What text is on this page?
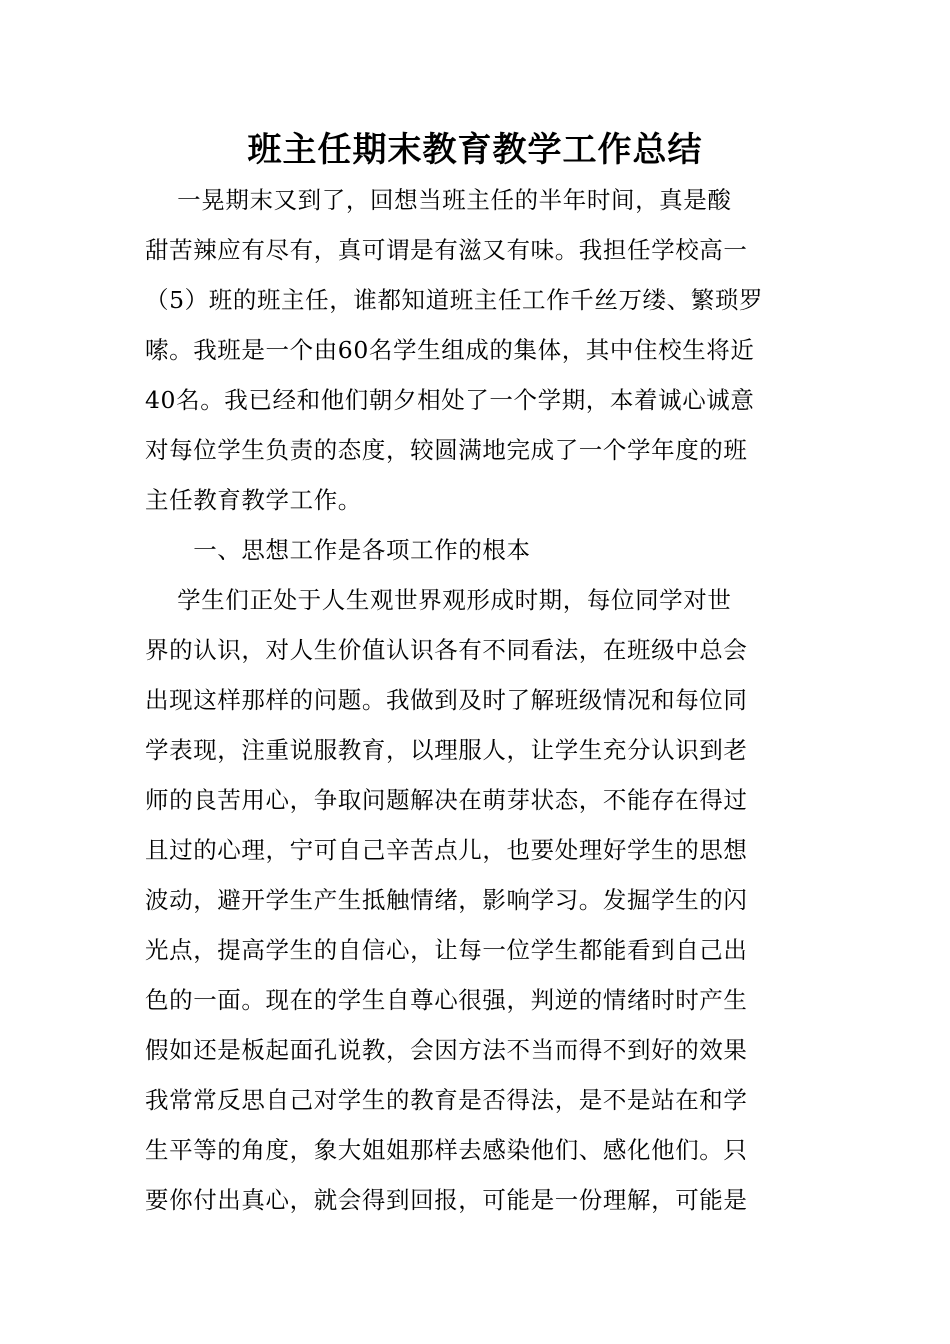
班主任期末教育教学工作总结
　 一晃期末又到了，回想当班主任的半年时间，真是酸
甜苦辣应有尽有，真可谓是有滋又有味。我担任学校高一
（5）班的班主任，谁都知道班主任工作千丝万缕、繁琐罗
嗦。我班是一个由60名学生组成的集体，其中住校生将近
40名。我已经和他们朝夕相处了一个学期，本着诚心诚意
对每位学生负责的态度，较圆满地完成了一个学年度的班
主任教育教学工作。
　　一、思想工作是各项工作的根本
　 学生们正处于人生观世界观形成时期，每位同学对世
界的认识，对人生价值认识各有不同看法，在班级中总会
出现这样那样的问题。我做到及时了解班级情况和每位同
学表现，注重说服教育，以理服人，让学生充分认识到老
师的良苦用心，争取问题解决在萌芽状态，不能存在得过
且过的心理，宁可自己辛苦点儿，也要处理好学生的思想
波动，避开学生产生抵触情绪，影响学习。发掘学生的闪
光点，提高学生的自信心，让每一位学生都能看到自己出
色的一面。现在的学生自尊心很强，判逆的情绪时时产生
假如还是板起面孔说教，会因方法不当而得不到好的效果
我常常反思自己对学生的教育是否得法，是不是站在和学
生平等的角度，象大姐姐那样去感染他们、感化他们。只
要你付出真心，就会得到回报，可能是一份理解，可能是
